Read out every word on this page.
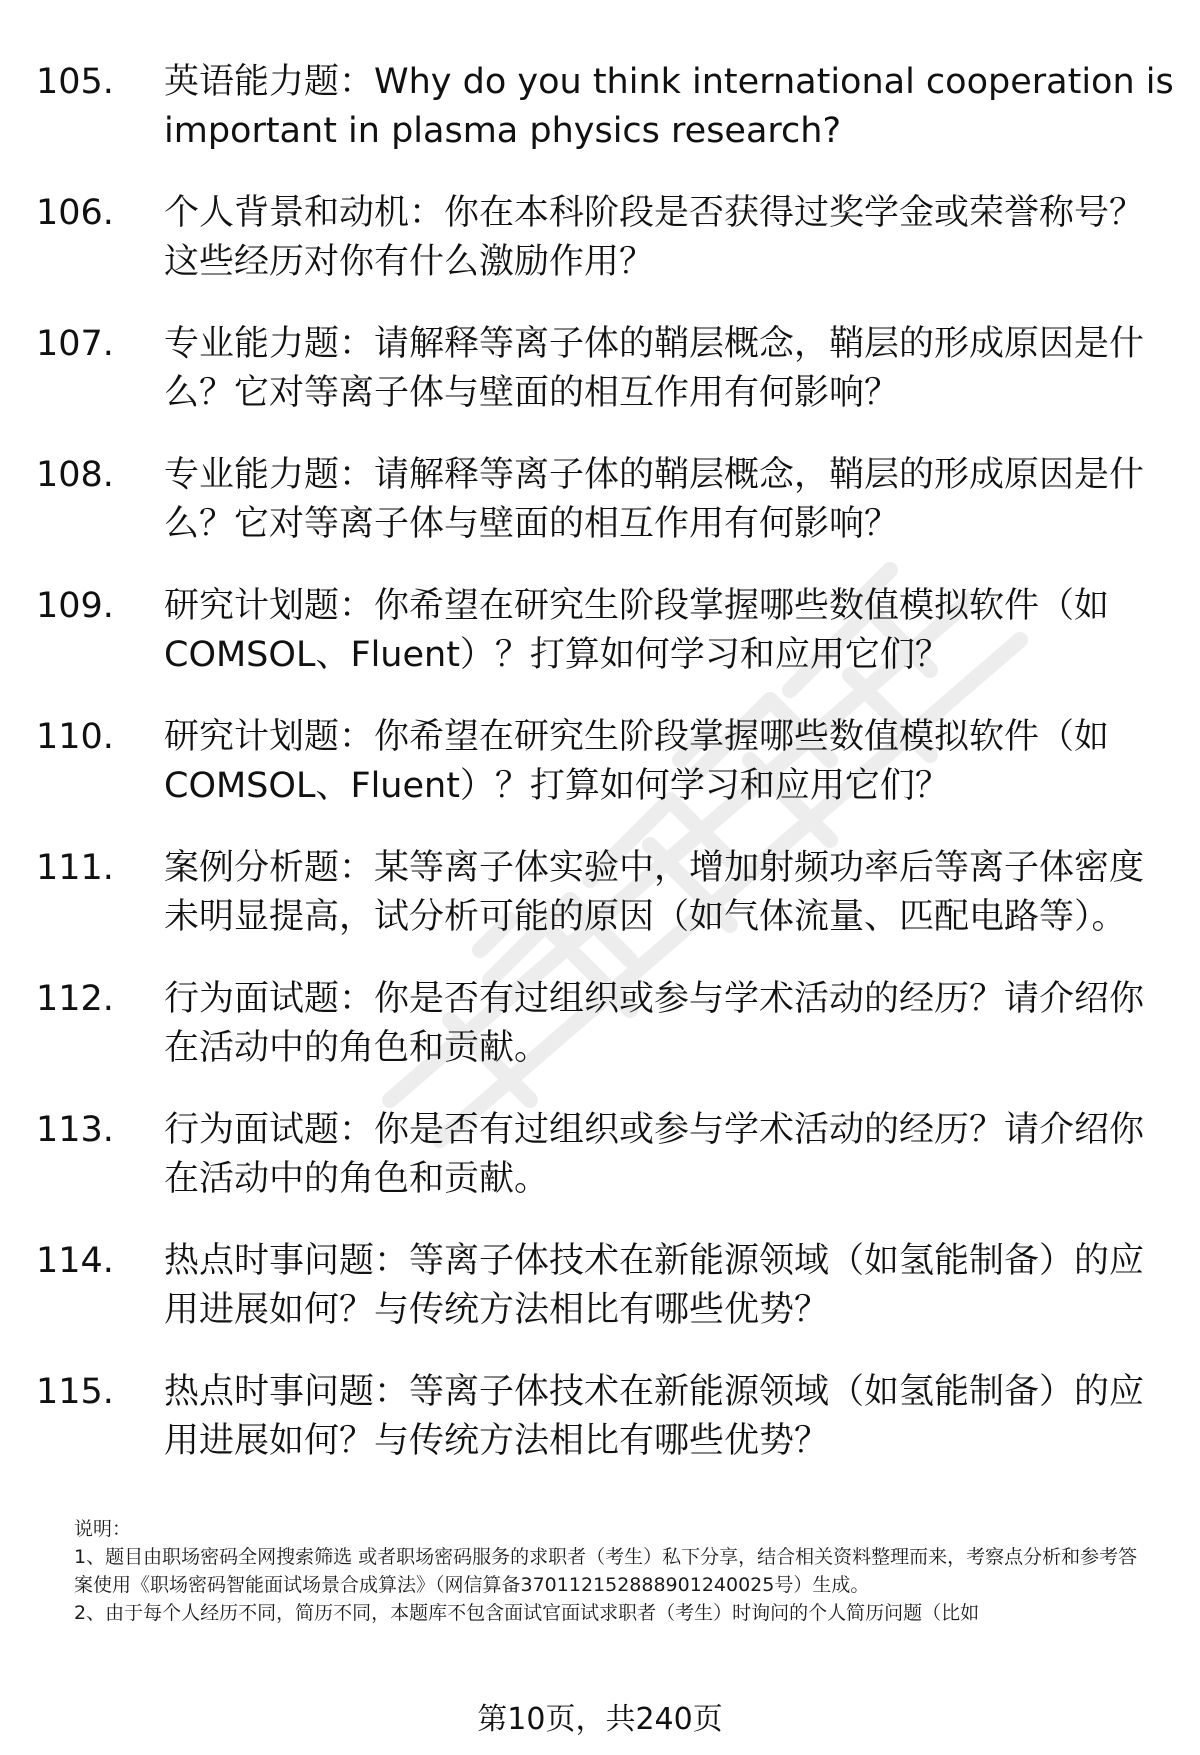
105.	英语能力题：Why do you think international cooperation is important in plasma physics research?
106.	个人背景和动机：你在本科阶段是否获得过奖学金或荣誉称号？这些经历对你有什么激励作用？
107.	专业能力题：请解释等离子体的鞘层概念，鞘层的形成原因是什么？它对等离子体与壁面的相互作用有何影响？
108.	专业能力题：请解释等离子体的鞘层概念，鞘层的形成原因是什么？它对等离子体与壁面的相互作用有何影响？
109.	研究计划题：你希望在研究生阶段掌握哪些数值模拟软件（如COMSOL、Fluent）？打算如何学习和应用它们？
110.	研究计划题：你希望在研究生阶段掌握哪些数值模拟软件（如COMSOL、Fluent）？打算如何学习和应用它们？
111.	案例分析题：某等离子体实验中，增加射频功率后等离子体密度未明显提高，试分析可能的原因（如气体流量、匹配电路等）。
112.	行为面试题：你是否有过组织或参与学术活动的经历？请介绍你在活动中的角色和贡献。
113.	行为面试题：你是否有过组织或参与学术活动的经历？请介绍你在活动中的角色和贡献。
114.	热点时事问题：等离子体技术在新能源领域（如氢能制备）的应用进展如何？与传统方法相比有哪些优势？
115.	热点时事问题：等离子体技术在新能源领域（如氢能制备）的应用进展如何？与传统方法相比有哪些优势？

说明：

1、题目由职场密码全网搜索筛选 或者职场密码服务的求职者（考生）私下分享，结合相关资料整理而来，考察点分析和参考答案使用《职场密码智能面试场景合成算法》（网信算备370112152888901240025号）生成。

2、由于每个人经历不同，简历不同，本题库不包含面试官面试求职者（考生）时询问的个人简历问题（比如

第10页，共240页
